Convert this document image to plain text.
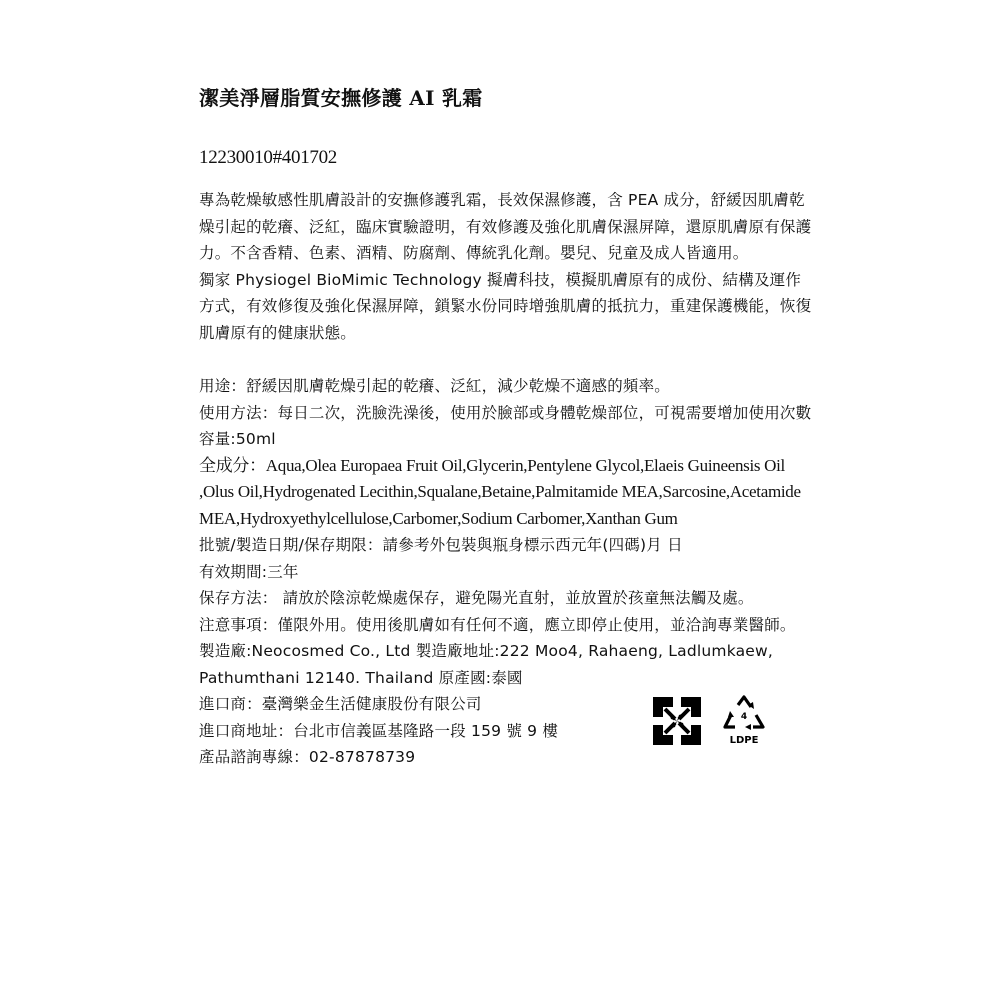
潔美淨層脂質安撫修護 AI 乳霜
12230010#401702

專為乾燥敏感性肌膚設計的安撫修護乳霜，長效保濕修護，含 PEA 成分，舒緩因肌膚乾燥引起的乾癢、泛紅，臨床實驗證明，有效修護及強化肌膚保濕屏障，還原肌膚原有保護力。不含香精、色素、酒精、防腐劑、傳統乳化劑。嬰兒、兒童及成人皆適用。

獨家 Physiogel BioMimic Technology 擬膚科技，模擬肌膚原有的成份、結構及運作方式，有效修復及強化保濕屏障，鎖緊水份同時增強肌膚的抵抗力，重建保護機能，恢復肌膚原有的健康狀態。

用途：舒緩因肌膚乾燥引起的乾癢、泛紅，減少乾燥不適感的頻率。

使用方法：每日二次，洗臉洗澡後，使用於臉部或身體乾燥部位，可視需要增加使用次數

容量:50ml

全成分：Aqua,Olea Europaea Fruit Oil,Glycerin,Pentylene Glycol,Elaeis Guineensis Oil ,Olus Oil,Hydrogenated Lecithin,Squalane,Betaine,Palmitamide MEA,Sarcosine,Acetamide MEA,Hydroxyethylcellulose,Carbomer,Sodium Carbomer,Xanthan Gum

批號/製造日期/保存期限：請參考外包裝與瓶身標示西元年(四碼)月 日

有效期間:三年

保存方法： 請放於陰涼乾燥處保存，避免陽光直射，並放置於孩童無法觸及處。

注意事項：僅限外用。使用後肌膚如有任何不適，應立即停止使用，並洽詢專業醫師。

製造廠:Neocosmed Co., Ltd 製造廠地址:222 Moo4, Rahaeng, Ladlumkaew, Pathumthani 12140. Thailand 原產國:泰國

進口商：臺灣樂金生活健康股份有限公司

進口商地址：台北市信義區基隆路一段 159 號 9 樓

產品諮詢專線：02-87878739

4
LDPE
